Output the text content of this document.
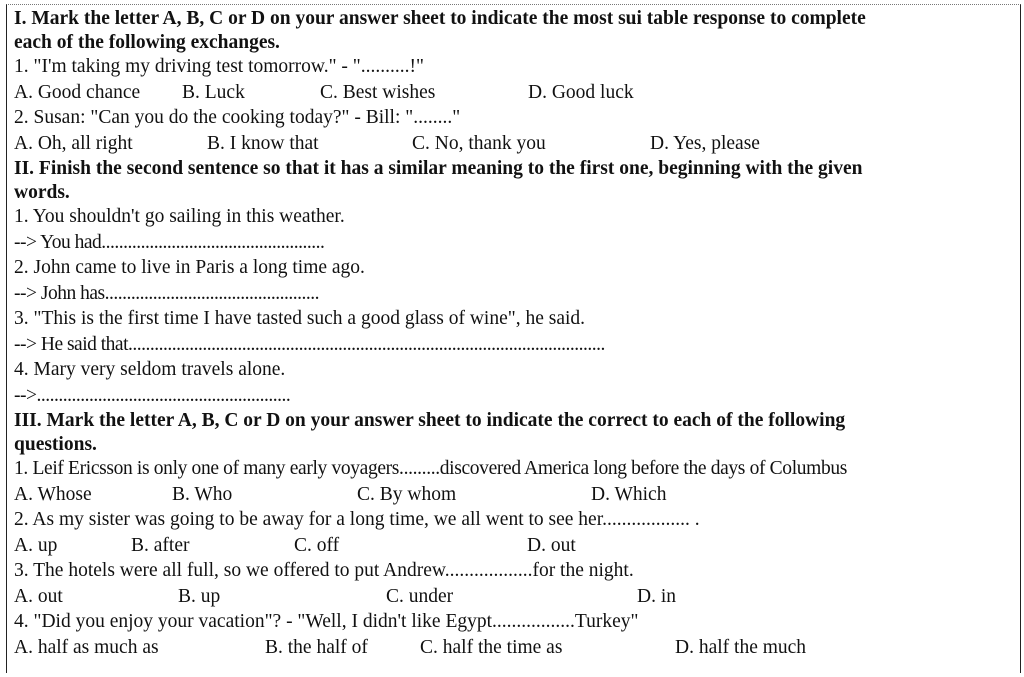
I. Mark the letter A, B, C or D on your answer sheet to indicate the most sui table response to complete
each of the following exchanges.
1. "I'm taking my driving test tomorrow." - "..........!"
A. Good chance B. Luck	C. Best wishes	D. Good luck
2. Susan: "Can you do the cooking today?" - Bill: "........"
A. Oh, all right	B. I know that	C. No, thank you	D. Yes, please
II. Finish the second sentence so that it has a similar meaning to the first one, beginning with the given
words.
1. You shouldn't go sailing in this weather.
--> You had...................................................
2. John came to live in Paris a long time ago.
--> John has.................................................
3. "This is the first time I have tasted such a good glass of wine", he said.
--> He said that.............................................................................................................
4. Mary very seldom travels alone.
-->..........................................................
III. Mark the letter A, B, C or D on your answer sheet to indicate the correct to each of the following
questions.
1. Leif Ericsson is only one of many early voyagers.........discovered America long before the days of Columbus
A. Whose	B. Who	C. By whom	D. Which
2. As my sister was going to be away for a long time, we all went to see her.................. .
A. up	B. after	C. off	D. out
3. The hotels were all full, so we offered to put Andrew..................for the night.
A. out	B. up	C. under	D. in
4. "Did you enjoy your vacation"? - "Well, I didn't like Egypt.................Turkey"
A. half as much as	B. the half of	C. half the time as	D. half the much
